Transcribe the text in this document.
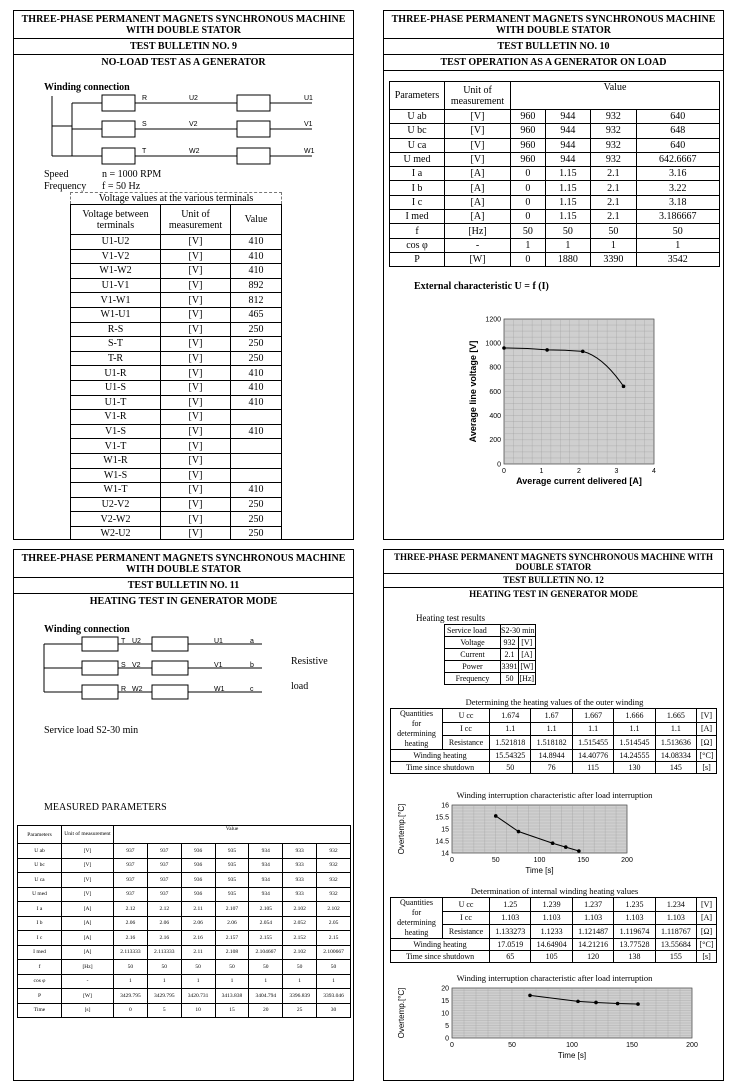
THREE-PHASE PERMANENT MAGNETS SYNCHRONOUS MACHINE
WITH DOUBLE STATOR
TEST BULLETIN NO. 9
NO-LOAD TEST AS A GENERATOR
Winding connection
R
S
T
U2
V2
W2
U1
V1
W1
Speed	n = 1000 RPM
Frequency f = 50 Hz
Voltage values at the various terminals
Voltage between terminals	Unit of measurement	Value
U1-U2	[V]	410
V1-V2	[V]	410
W1-W2	[V]	410
U1-V1	[V]	892
V1-W1	[V]	812
W1-U1	[V]	465
R-S	[V]	250
S-T	[V]	250
T-R	[V]	250
U1-R	[V]	410
U1-S	[V]	410
U1-T	[V]	410
V1-R	[V]	
V1-S	[V]	410
V1-T	[V]	
W1-R	[V]	
W1-S	[V]	
W1-T	[V]	410
U2-V2	[V]	250
V2-W2	[V]	250
W2-U2	[V]	250
THREE-PHASE PERMANENT MAGNETS SYNCHRONOUS MACHINE
WITH DOUBLE STATOR
TEST BULLETIN NO. 10
TEST OPERATION AS A GENERATOR ON LOAD
Parameters	Unit of measurement	Value			
U ab	[V]	960	944	932	640
U bc	[V]	960	944	932	648
U ca	[V]	960	944	932	640
U med	[V]	960	944	932	642.6667
I a	[A]	0	1.15	2.1	3.16
I b	[A]	0	1.15	2.1	3.22
I c	[A]	0	1.15	2.1	3.18
I med	[A]	0	1.15	2.1	3.186667
f	[Hz]	50	50	50	50
cos φ	-	1	1	1	1
P	[W]	0	1880	3390	3542
External characteristic U = f (I)
0	1	2	3	4
0
200
400
600
800
1000
1200
Average current delivered [A]
Average line voltage [V]
THREE-PHASE PERMANENT MAGNETS SYNCHRONOUS MACHINE
WITH DOUBLE STATOR
TEST BULLETIN NO. 11
HEATING TEST IN GENERATOR MODE
Winding connection
T
S
R
U2
V2
W2
U1
V1
W1
a
b
c
Resistive
load
Service load S2-30 min
MEASURED PARAMETERS
Parameters	Unit of measurement	Value						
U ab	[V]	937	937	936	935	934	933	932
U bc	[V]	937	937	936	935	934	933	932
U ca	[V]	937	937	936	935	934	933	932
U med	[V]	937	937	936	935	934	933	932
I a	[A]	2.12	2.12	2.11	2.107	2.105	2.102	2.102
I b	[A]	2.06	2.06	2.06	2.06	2.054	2.052	2.05
I c	[A]	2.16	2.16	2.16	2.157	2.155	2.152	2.15
I med	[A]	2.113333	2.113333	2.11	2.108	2.104667	2.102	2.100667
f	[Hz]	50	50	50	50	50	50	50
cos φ	-	1	1	1	1	1	1	1
P	[W]	3429.795	3429.795	3420.731	3413.838	3404.794	3396.839	3393.046
Time	[s]	0	5	10	15	20	25	30
THREE-PHASE PERMANENT MAGNETS SYNCHRONOUS MACHINE WITH
DOUBLE STATOR
TEST BULLETIN NO. 12
HEATING TEST IN GENERATOR MODE
Heating test results
Service load	S2-30 min	
Voltage	932	[V]
Current	2.1	[A]
Power	3391	[W]
Frequency	50	[Hz]
Determining the heating values of the outer winding
Quantities
for
determining
heating	U cc	1.674	1.67	1.667	1.666	1.665	[V]
	I cc	1.1	1.1	1.1	1.1	1.1	[A]
	Resistance	1.521818	1.518182	1.515455	1.514545	1.513636	[Ω]
Winding heating		15.54325	14.8944	14.40776	14.24555	14.08334	[°C]
Time since shutdown		50	76	115	130	145	[s]
Winding interruption characteristic after load interruption
0	50	100	150	200
14
14.5
15
15.5
16
Time [s]
Overtemp.[°C]
Determination of internal winding heating values
Quantities
for
determining
heating	U cc	1.25	1.239	1.237	1.235	1.234	[V]
	I cc	1.103	1.103	1.103	1.103	1.103	[A]
	Resistance	1.133273	1.1233	1.121487	1.119674	1.118767	[Ω]
Winding heating		17.0519	14.64904	14.21216	13.77528	13.55684	[°C]
Time since shutdown		65	105	120	138	155	[s]
Winding interruption characteristic after load interruption
0	50	100	150	200
0
5
10
15
20
Time [s]
Overtemp.[°C]
